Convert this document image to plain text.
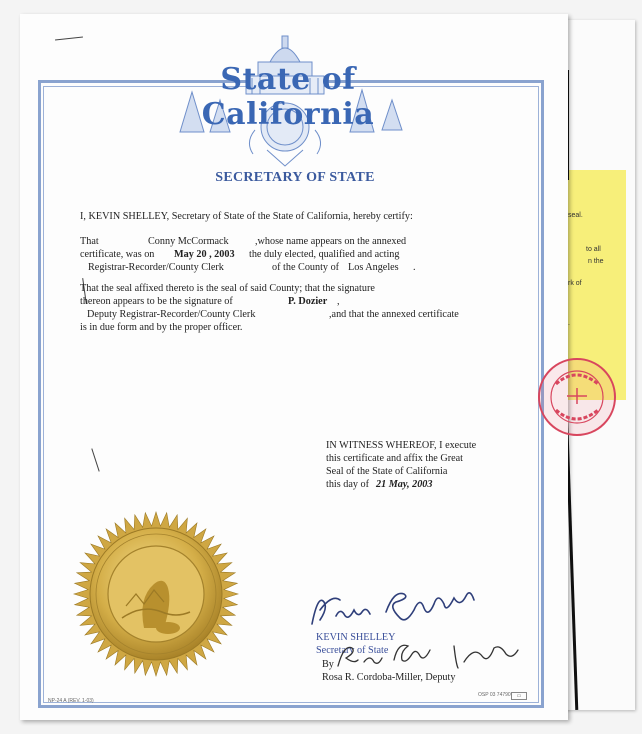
seal.
to all
n the
rk of
.
State of California
SECRETARY OF STATE
I, KEVIN SHELLEY, Secretary of State of the State of California, hereby certify:
That	Conny McCormack	,whose name appears on the annexed
certificate, was on May 20 , 2003 the duly elected, qualified and acting
Registrar-Recorder/County Clerk	of the County of Los Angeles .
That the seal affixed thereto is the seal of said County; that the signature
thereon appears to be the signature of	P. Dozier ,
Deputy Registrar-Recorder/County Clerk	,and that the annexed certificate
is in due form and by the proper officer.
IN WITNESS WHEREOF, I execute
this certificate and affix the Great
Seal of the State of California
this day of 21 May, 2003
KEVIN SHELLEY
Secretary of State
By
Rosa R. Cordoba-Miller, Deputy
NP-24 A (REV. 1-03)
OSP 03 74790	▭
